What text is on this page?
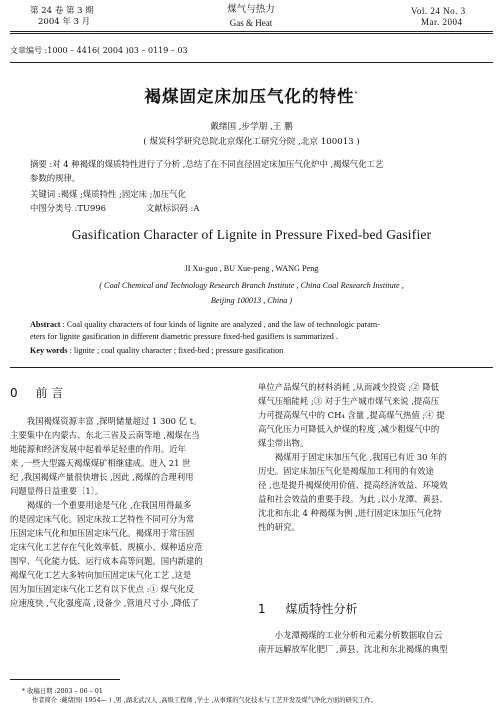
第 24 卷 第 3 期
2004 年 3 月
煤气与热力
Gas & Heat
Vol. 24 No. 3
Mar. 2004
文章编号 :1000 – 4416( 2004 )03 – 0119 – 03
褐煤固定床加压气化的特性*
戴绪国 ,步学朋 ,王 鹏
( 煤炭科学研究总院北京煤化工研究分院 ,北京 100013 )
摘要 :对 4 种褐煤的煤质特性进行了分析 ,总结了在不同直径固定床加压气化炉中 ,褐煤气化工艺
参数的规律。
关键词 :褐煤 ;煤质特性 ;固定床 ;加压气化
中图分类号 :TU996	文献标识码 :A
Gasification Character of Lignite in Pressure Fixed-bed Gasifier
JI Xu-guo , BU Xue-peng , WANG Peng
( Coal Chemical and Technology Research Branch Institute , China Coal Research Institute ,
Beijing 100013 , China )
Abstract : Coal quality characters of four kinds of lignite are analyzed , and the law of technologic param-
eters for lignite gasification in different diametric pressure fixed-bed gasifiers is summarized .
Key words : lignite ; coal quality character ; fixed-bed ; pressure gasification
0 前 言

我国褐煤资源丰富 ,探明储量超过 1 300 亿 t。

主要集中在内蒙古、东北三省及云南等地 ,褐煤在当

地能源和经济发展中起着举足轻重的作用。近年

来 ,一些大型露天褐煤煤矿相继建成。进入 21 世

纪 ,我国褐煤产量很快增长 ,因此 ,褐煤的合理利用

问题显得日益重要〔1〕。

褐煤的一个重要用途是气化 ,在我国用得最多

的是固定床气化。固定床按工艺特性不同可分为常

压固定床气化和加压固定床气化。褐煤用于常压固

定床气化工艺存在气化效率低、规模小、煤种适应范

围窄、气化能力低、运行成本高等问题。国内新建的

褐煤气化工艺大多转向加压固定床气化工艺 ,这是

因为加压固定床气化工艺有以下优点 :① 煤气化反

应速度快 ,气化强度高 ,设备少 ,管道尺寸小 ,降低了

单位产品煤气的材料消耗 ,从而减少投资 ;② 降低

煤气压缩能耗 ;③ 对于生产城市煤气来说 ,提高压

力可提高煤气中的 CH₄ 含量 ,提高煤气热值 ;④ 提

高气化压力可降低入炉煤的粒度 ,减少粗煤气中的

煤尘带出物。

褐煤用于固定床加压气化 ,我国已有近 30 年的

历史。固定床加压气化是褐煤加工利用的有效途

径 ,也是提升褐煤使用价值、提高经济效益、环境效

益和社会效益的重要手段。为此 ,以小龙潭、黄县、

沈北和东北 4 种褐煤为例 ,进行固定床加压气化特

性的研究。

1 煤质特性分析

小龙潭褐煤的工业分析和元素分析数据取自云

南开远解放军化肥厂 ,黄县、沈北和东北褐煤的典型

* 收稿日期 :2003 – 06 – 01
作者简介 :戴绪国( 1954— ) ,男 ,湖北武汉人 ,高级工程师 ,学士 ,从事煤的气化技术与工艺开发及煤气净化方面的研究工作。
